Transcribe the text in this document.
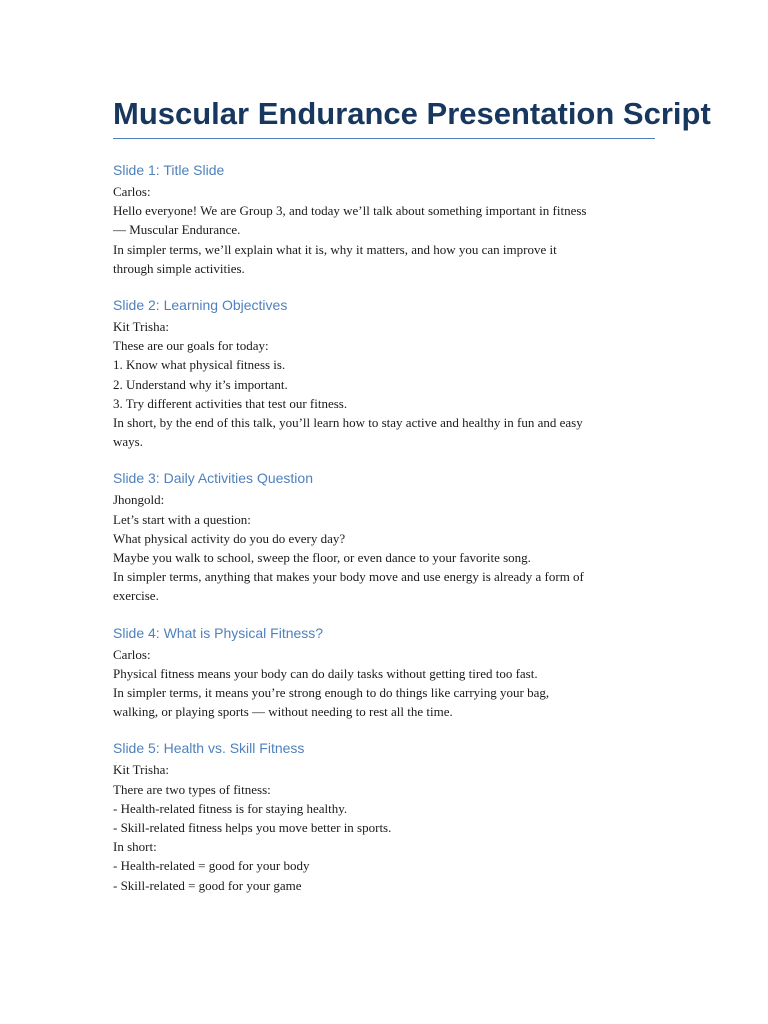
Muscular Endurance Presentation Script
Slide 1: Title Slide

Carlos:

Hello everyone! We are Group 3, and today we’ll talk about something important in fitness

— Muscular Endurance.

In simpler terms, we’ll explain what it is, why it matters, and how you can improve it

through simple activities.

Slide 2: Learning Objectives

Kit Trisha:

These are our goals for today:

1. Know what physical fitness is.

2. Understand why it’s important.

3. Try different activities that test our fitness.

In short, by the end of this talk, you’ll learn how to stay active and healthy in fun and easy

ways.

Slide 3: Daily Activities Question

Jhongold:

Let’s start with a question:

What physical activity do you do every day?

Maybe you walk to school, sweep the floor, or even dance to your favorite song.

In simpler terms, anything that makes your body move and use energy is already a form of

exercise.

Slide 4: What is Physical Fitness?

Carlos:

Physical fitness means your body can do daily tasks without getting tired too fast.

In simpler terms, it means you’re strong enough to do things like carrying your bag,

walking, or playing sports — without needing to rest all the time.

Slide 5: Health vs. Skill Fitness

Kit Trisha:

There are two types of fitness:

- Health-related fitness is for staying healthy.

- Skill-related fitness helps you move better in sports.

In short:

- Health-related = good for your body

- Skill-related = good for your game
